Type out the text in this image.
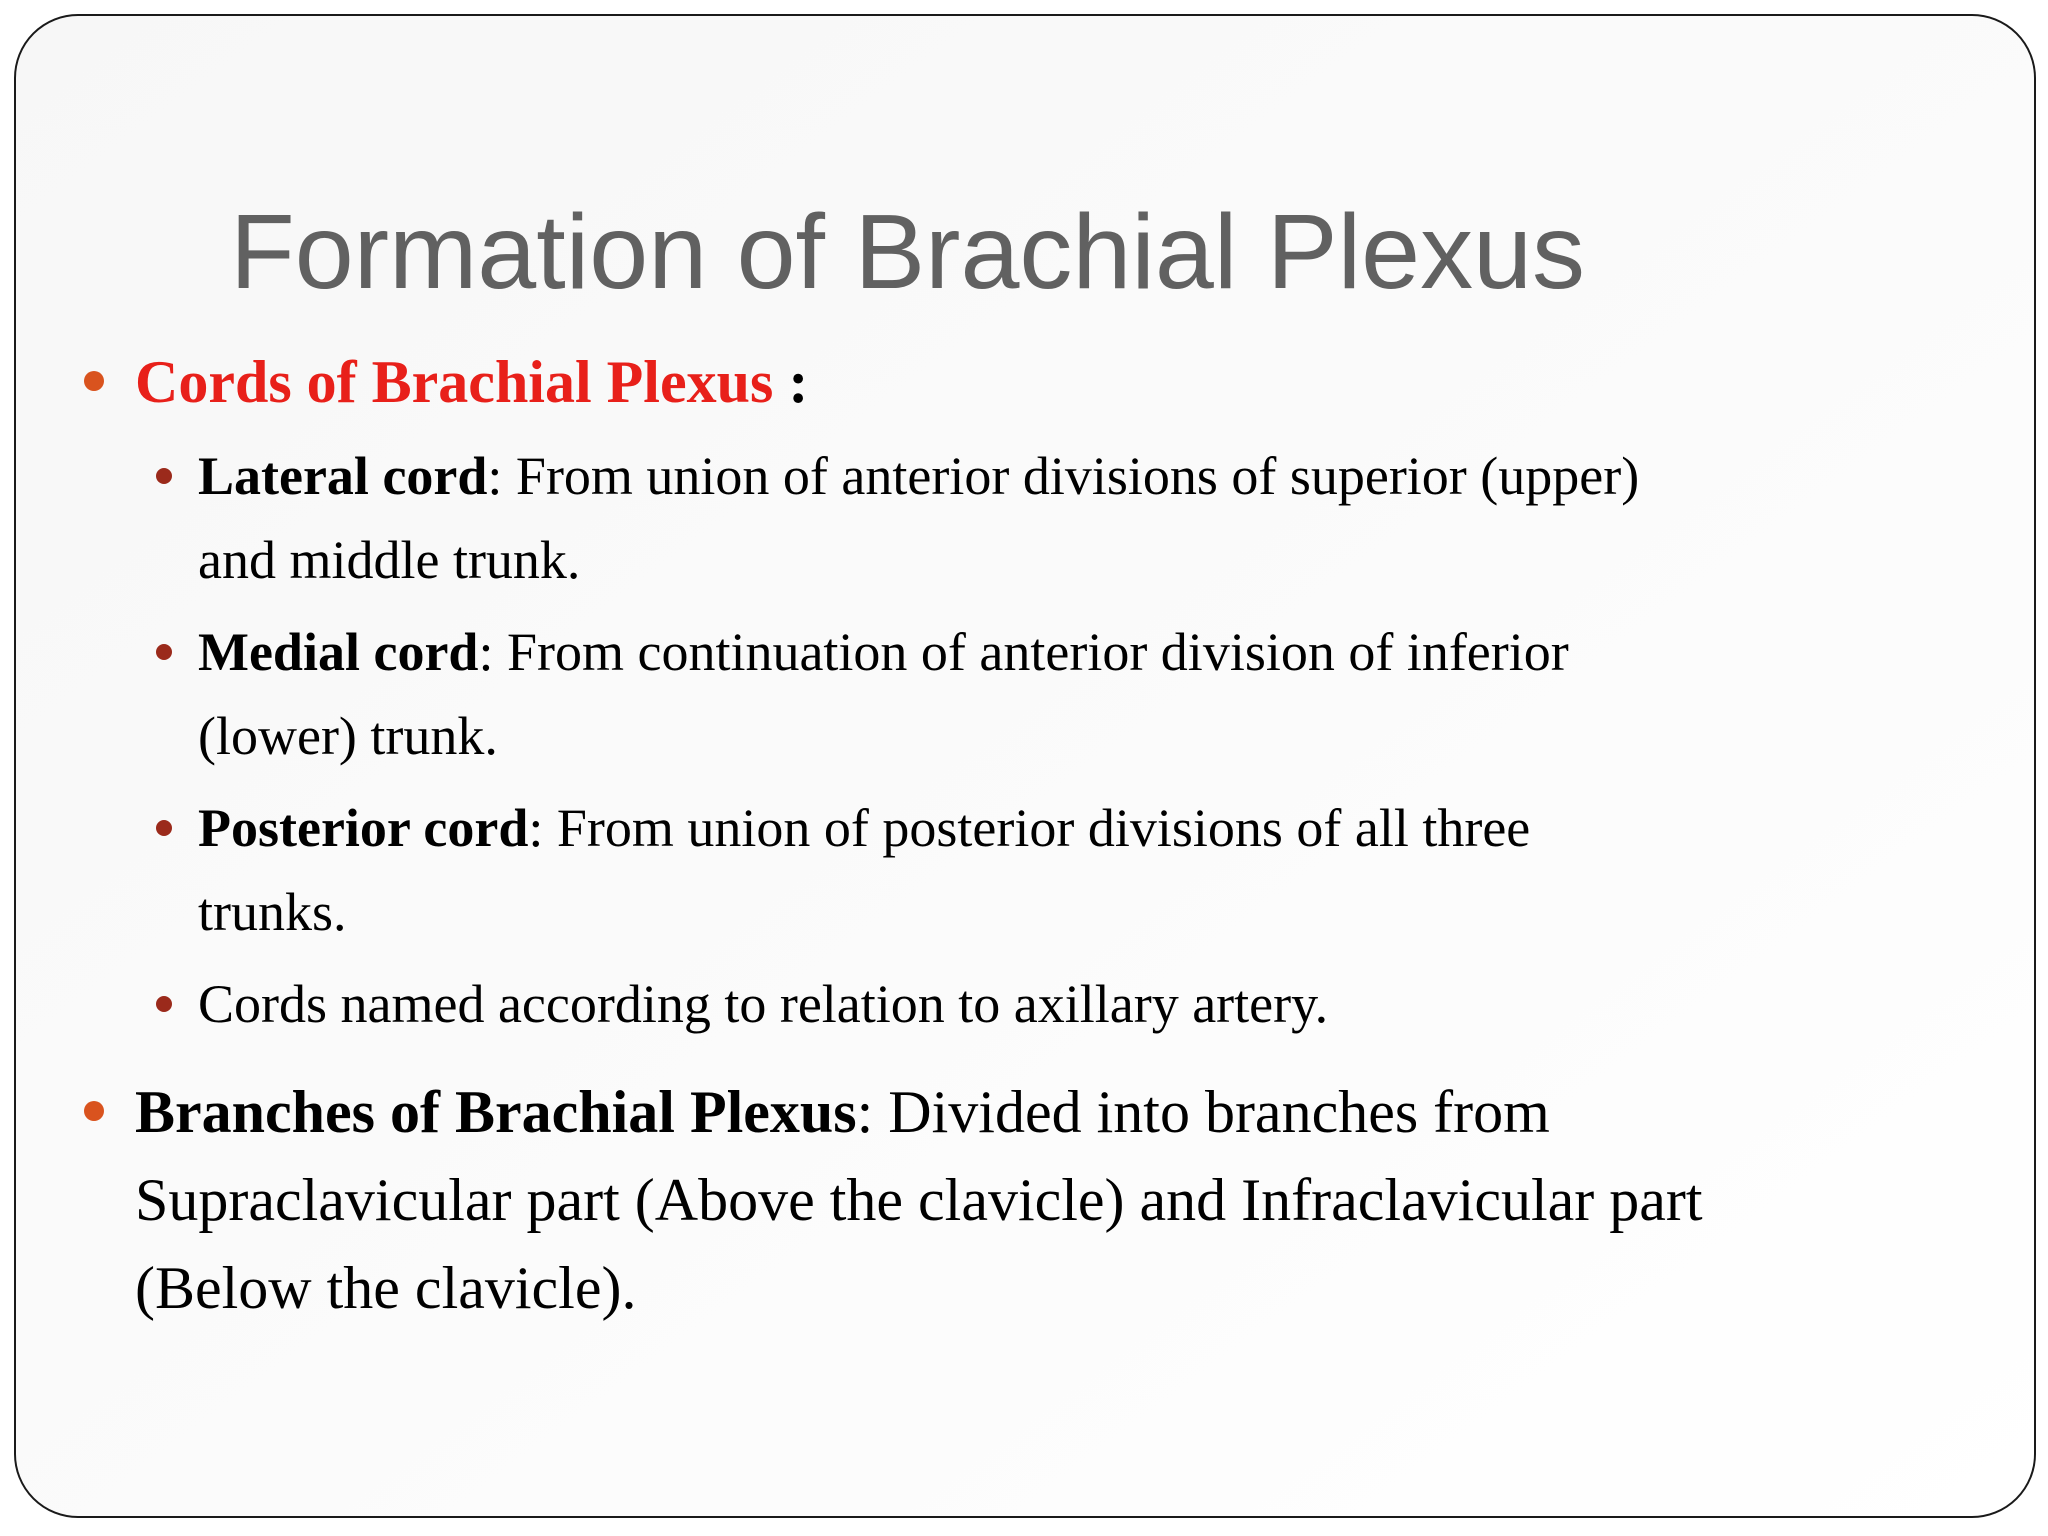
Formation of Brachial Plexus
Cords of Brachial Plexus :
Lateral cord: From union of anterior divisions of superior (upper)
and middle trunk.
Medial cord: From continuation of anterior division of inferior
(lower) trunk.
Posterior cord: From union of posterior divisions of all three
trunks.
Cords named according to relation to axillary artery.
Branches of Brachial Plexus: Divided into branches from
Supraclavicular part (Above the clavicle) and Infraclavicular part
(Below the clavicle).
